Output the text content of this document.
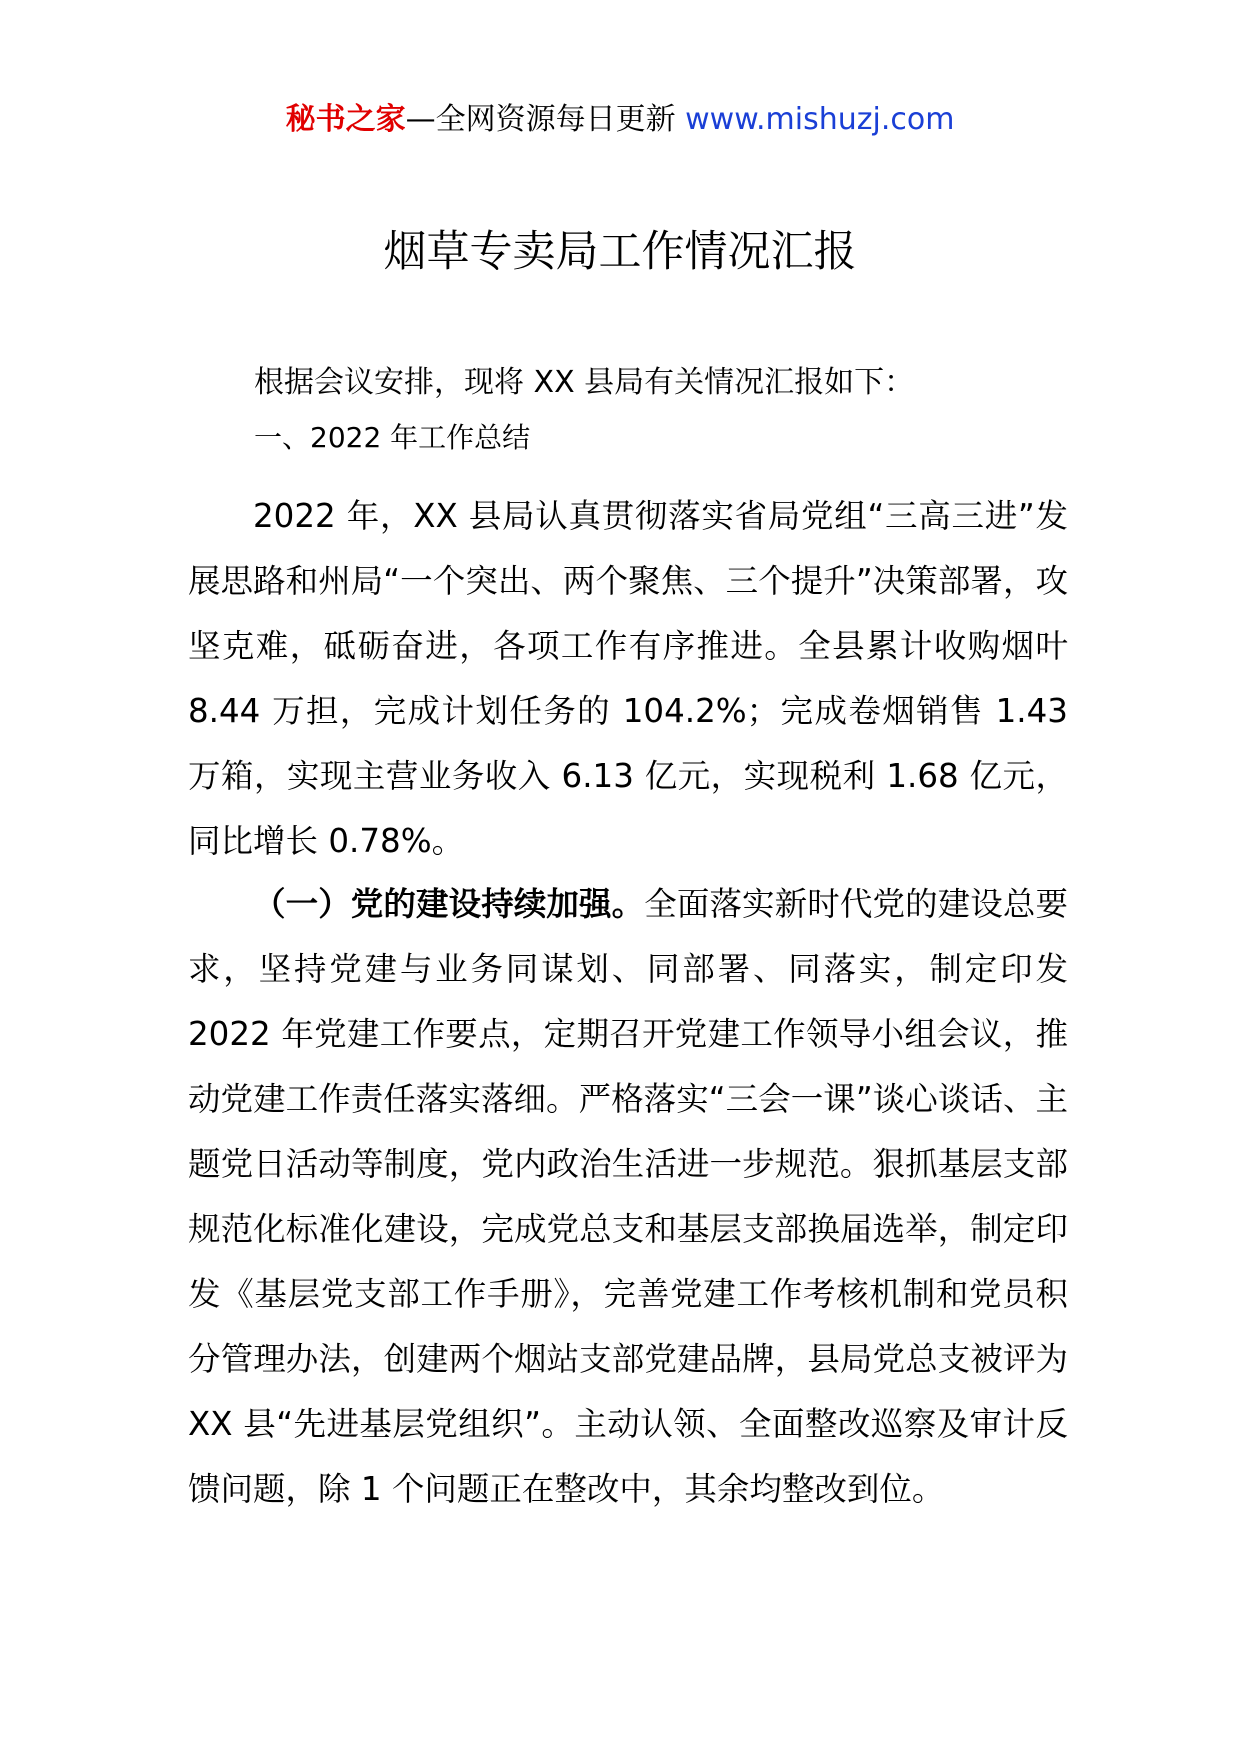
秘书之家—全网资源每日更新 www.mishuzj.com
烟草专卖局工作情况汇报
根据会议安排，现将 XX 县局有关情况汇报如下：
一、2022 年工作总结

2022 年，XX 县局认真贯彻落实省局党组“三高三进”发展思路和州局“一个突出、两个聚焦、三个提升”决策部署，攻坚克难，砥砺奋进，各项工作有序推进。全县累计收购烟叶 8.44 万担，完成计划任务的 104.2%；完成卷烟销售 1.43 万箱，实现主营业务收入 6.13 亿元，实现税利 1.68 亿元，同比增长 0.78%。

（一）党的建设持续加强。全面落实新时代党的建设总要求，坚持党建与业务同谋划、同部署、同落实，制定印发 2022 年党建工作要点，定期召开党建工作领导小组会议，推动党建工作责任落实落细。严格落实“三会一课”谈心谈话、主题党日活动等制度，党内政治生活进一步规范。狠抓基层支部规范化标准化建设，完成党总支和基层支部换届选举，制定印发《基层党支部工作手册》，完善党建工作考核机制和党员积分管理办法，创建两个烟站支部党建品牌，县局党总支被评为 XX 县“先进基层党组织”。主动认领、全面整改巡察及审计反馈问题，除 1 个问题正在整改中，其余均整改到位。
